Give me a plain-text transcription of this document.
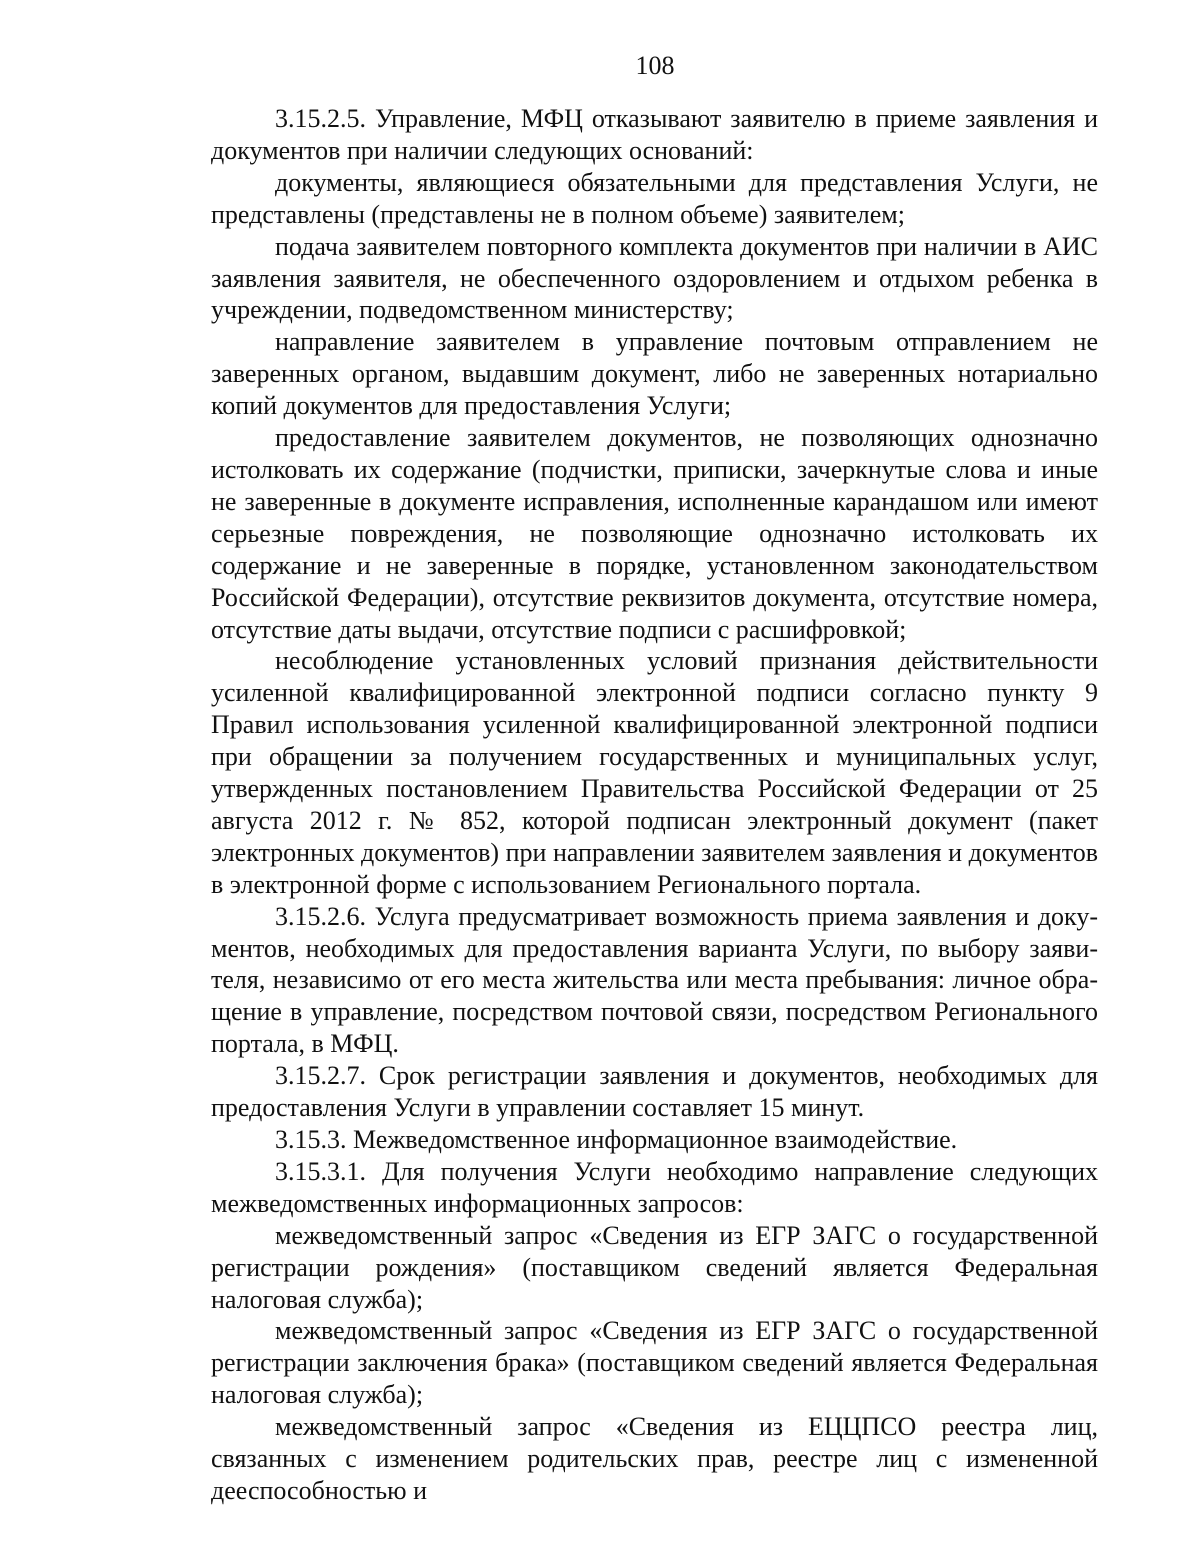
108

3.15.2.5. Управление, МФЦ отказывают заявителю в приеме заявления и документов при наличии следующих оснований:

документы, являющиеся обязательными для представления Услуги, не представлены (представлены не в полном объеме) заявителем;

подача заявителем повторного комплекта документов при наличии в АИС заявления заявителя, не обеспеченного оздоровлением и отдыхом ребенка в учреждении, подведомственном министерству;

направление заявителем в управление почтовым отправлением не заверенных органом, выдавшим документ, либо не заверенных нотариально копий документов для предоставления Услуги;

предоставление заявителем документов, не позволяющих однозначно истолковать их содержание (подчистки, приписки, зачеркнутые слова и иные не заверенные в документе исправления, исполненные карандашом или имеют серьезные повреждения, не позволяющие однозначно истолковать их содержание и не заверенные в порядке, установленном законодательством Российской Федерации), отсутствие реквизитов документа, отсутствие номера, отсутствие даты выдачи, отсутствие подписи с расшифровкой;

несоблюдение установленных условий признания действительности усиленной квалифицированной электронной подписи согласно пункту 9 Правил использования усиленной квалифицированной электронной подписи при обращении за получением государственных и муниципальных услуг, утвержденных постановлением Правительства Российской Федерации от 25 августа 2012 г. № 852, которой подписан электронный документ (пакет электронных документов) при направлении заявителем заявления и документов в электронной форме с использованием Регионального портала.

3.15.2.6. Услуга предусматривает возможность приема заявления и документов, необходимых для предоставления варианта Услуги, по выбору заявителя, независимо от его места жительства или места пребывания: личное обращение в управление, посредством почтовой связи, посредством Регионального портала, в МФЦ.

3.15.2.7. Срок регистрации заявления и документов, необходимых для предоставления Услуги в управлении составляет 15 минут.

3.15.3. Межведомственное информационное взаимодействие.

3.15.3.1. Для получения Услуги необходимо направление следующих межведомственных информационных запросов:

межведомственный запрос «Сведения из ЕГР ЗАГС о государственной регистрации рождения» (поставщиком сведений является Федеральная налоговая служба);

межведомственный запрос «Сведения из ЕГР ЗАГС о государственной регистрации заключения брака» (поставщиком сведений является Федеральная налоговая служба);

межведомственный запрос «Сведения из ЕЦЦПСО реестра лиц, связанных с изменением родительских прав, реестре лиц с измененной дееспособностью и
